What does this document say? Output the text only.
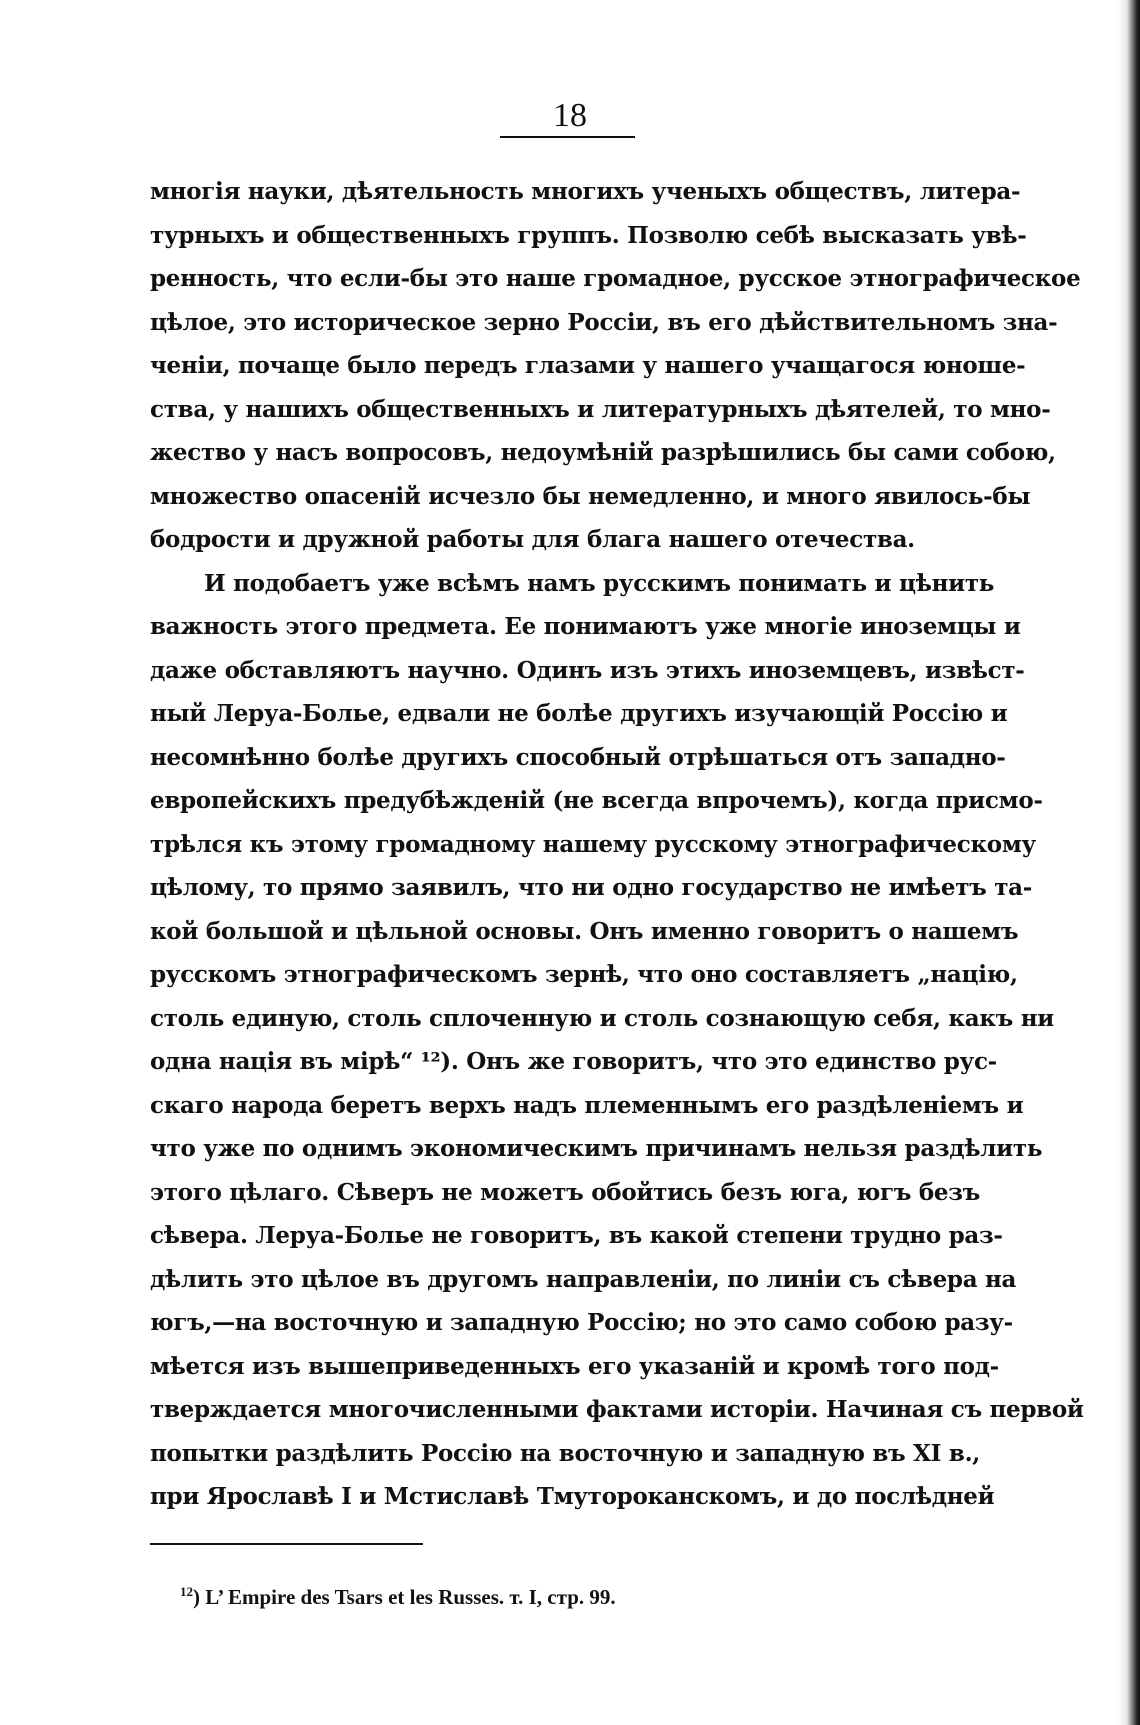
18
многія науки, дѣятельность многихъ ученыхъ обществъ, литера-
турныхъ и общественныхъ группъ. Позволю себѣ высказать увѣ-
ренность, что если-бы это наше громадное, русское этнографическое
цѣлое, это историческое зерно Россіи, въ его дѣйствительномъ зна-
ченіи, почаще было передъ глазами у нашего учащагося юноше-
ства, у нашихъ общественныхъ и литературныхъ дѣятелей, то мно-
жество у насъ вопросовъ, недоумѣній разрѣшились бы сами собою,
множество опасеній исчезло бы немедленно, и много явилось-бы
бодрости и дружной работы для блага нашего отечества.
И подобаетъ уже всѣмъ намъ русскимъ понимать и цѣнить
важность этого предмета. Ее понимаютъ уже многіе иноземцы и
даже обставляютъ научно. Одинъ изъ этихъ иноземцевъ, извѣст-
ный Леруа-Болье, едвали не болѣе другихъ изучающій Россію и
несомнѣнно болѣе другихъ способный отрѣшаться отъ западно-
европейскихъ предубѣжденій (не всегда впрочемъ), когда присмо-
трѣлся къ этому громадному нашему русскому этнографическому
цѣлому, то прямо заявилъ, что ни одно государство не имѣетъ та-
кой большой и цѣльной основы. Онъ именно говоритъ о нашемъ
русскомъ этнографическомъ зернѣ, что оно составляетъ „націю,
столь единую, столь сплоченную и столь сознающую себя, какъ ни
одна нація въ мірѣ“ ¹²). Онъ же говоритъ, что это единство рус-
скаго народа беретъ верхъ надъ племеннымъ его раздѣленіемъ и
что уже по однимъ экономическимъ причинамъ нельзя раздѣлить
этого цѣлаго. Сѣверъ не можетъ обойтись безъ юга, югъ безъ
сѣвера. Леруа-Болье не говоритъ, въ какой степени трудно раз-
дѣлить это цѣлое въ другомъ направленіи, по линіи съ сѣвера на
югъ,—на восточную и западную Россію; но это само собою разу-
мѣется изъ вышеприведенныхъ его указаній и кромѣ того под-
тверждается многочисленными фактами исторіи. Начиная съ первой
попытки раздѣлить Россію на восточную и западную въ XI в.,
при Ярославѣ I и Мстиславѣ Тмутороканскомъ, и до послѣдней
$^{12}$) L’ Empire des Tsars et les Russes. т. I, стр. 99.
